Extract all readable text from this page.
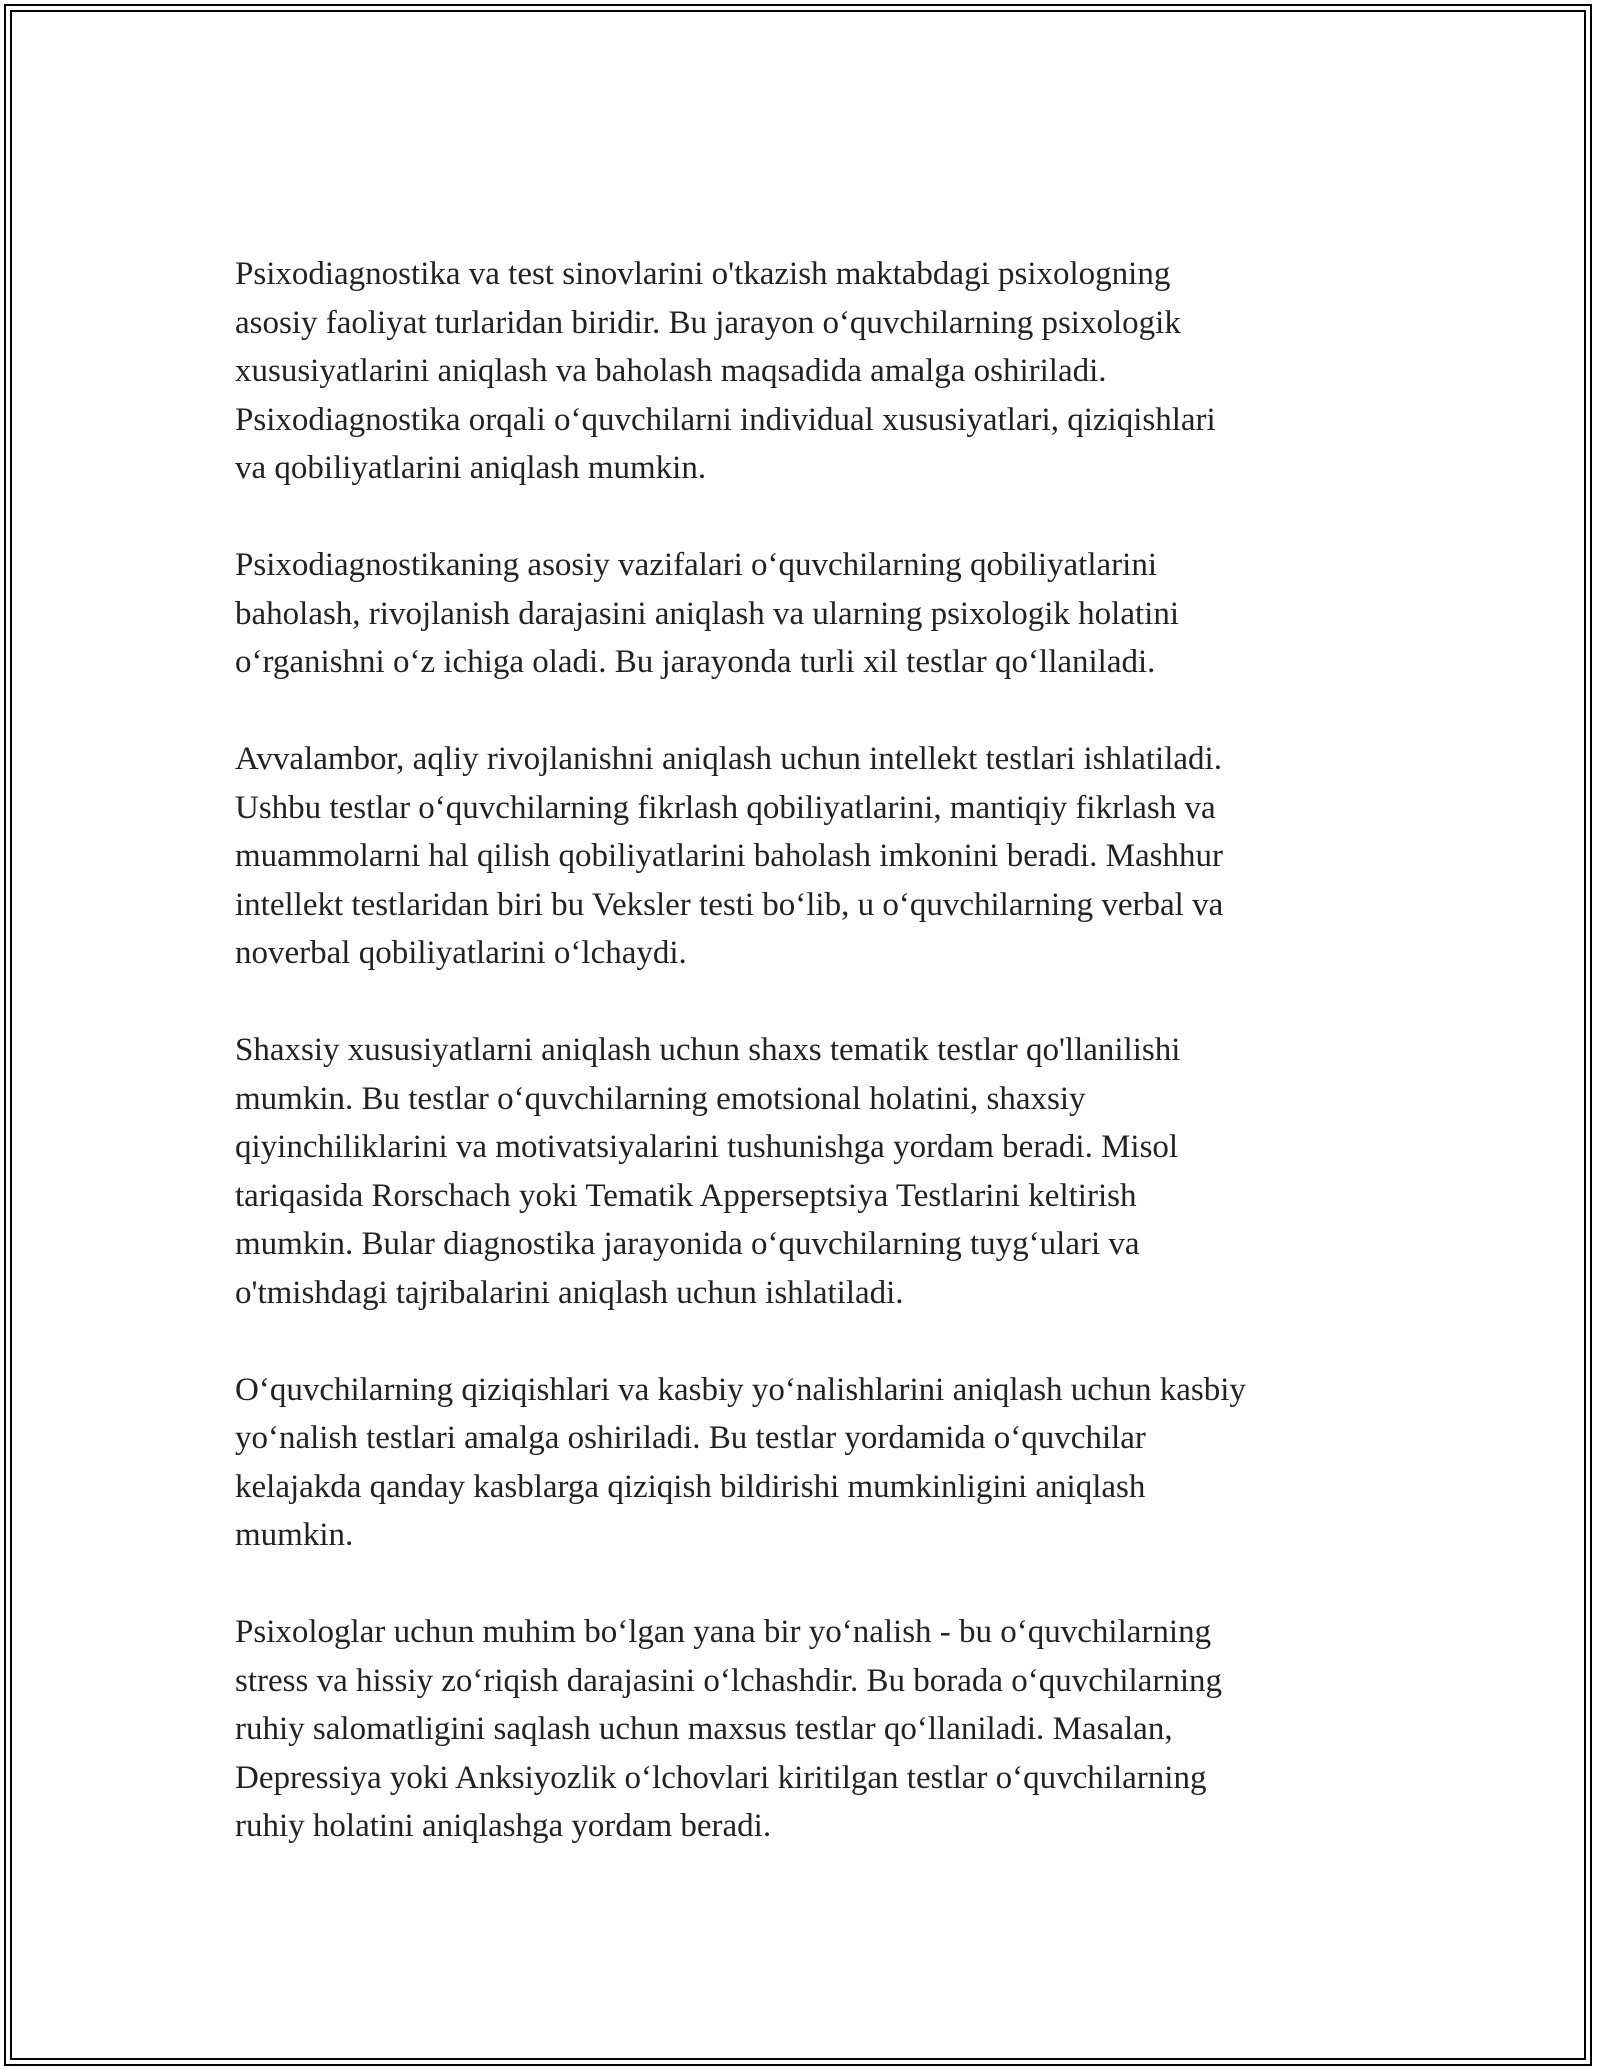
Psixodiagnostika va test sinovlarini o'tkazish maktabdagi psixologning
asosiy faoliyat turlaridan biridir. Bu jarayon o‘quvchilarning psixologik
xususiyatlarini aniqlash va baholash maqsadida amalga oshiriladi.
Psixodiagnostika orqali o‘quvchilarni individual xususiyatlari, qiziqishlari
va qobiliyatlarini aniqlash mumkin.

Psixodiagnostikaning asosiy vazifalari o‘quvchilarning qobiliyatlarini
baholash, rivojlanish darajasini aniqlash va ularning psixologik holatini
o‘rganishni o‘z ichiga oladi. Bu jarayonda turli xil testlar qo‘llaniladi.

Avvalambor, aqliy rivojlanishni aniqlash uchun intellekt testlari ishlatiladi.
Ushbu testlar o‘quvchilarning fikrlash qobiliyatlarini, mantiqiy fikrlash va
muammolarni hal qilish qobiliyatlarini baholash imkonini beradi. Mashhur
intellekt testlaridan biri bu Veksler testi bo‘lib, u o‘quvchilarning verbal va
noverbal qobiliyatlarini o‘lchaydi.

Shaxsiy xususiyatlarni aniqlash uchun shaxs tematik testlar qo'llanilishi
mumkin. Bu testlar o‘quvchilarning emotsional holatini, shaxsiy
qiyinchiliklarini va motivatsiyalarini tushunishga yordam beradi. Misol
tariqasida Rorschach yoki Tematik Apperseptsiya Testlarini keltirish
mumkin. Bular diagnostika jarayonida o‘quvchilarning tuyg‘ulari va
o'tmishdagi tajribalarini aniqlash uchun ishlatiladi.

O‘quvchilarning qiziqishlari va kasbiy yo‘nalishlarini aniqlash uchun kasbiy
yo‘nalish testlari amalga oshiriladi. Bu testlar yordamida o‘quvchilar
kelajakda qanday kasblarga qiziqish bildirishi mumkinligini aniqlash
mumkin.

Psixologlar uchun muhim bo‘lgan yana bir yo‘nalish - bu o‘quvchilarning
stress va hissiy zo‘riqish darajasini o‘lchashdir. Bu borada o‘quvchilarning
ruhiy salomatligini saqlash uchun maxsus testlar qo‘llaniladi. Masalan,
Depressiya yoki Anksiyozlik o‘lchovlari kiritilgan testlar o‘quvchilarning
ruhiy holatini aniqlashga yordam beradi.
